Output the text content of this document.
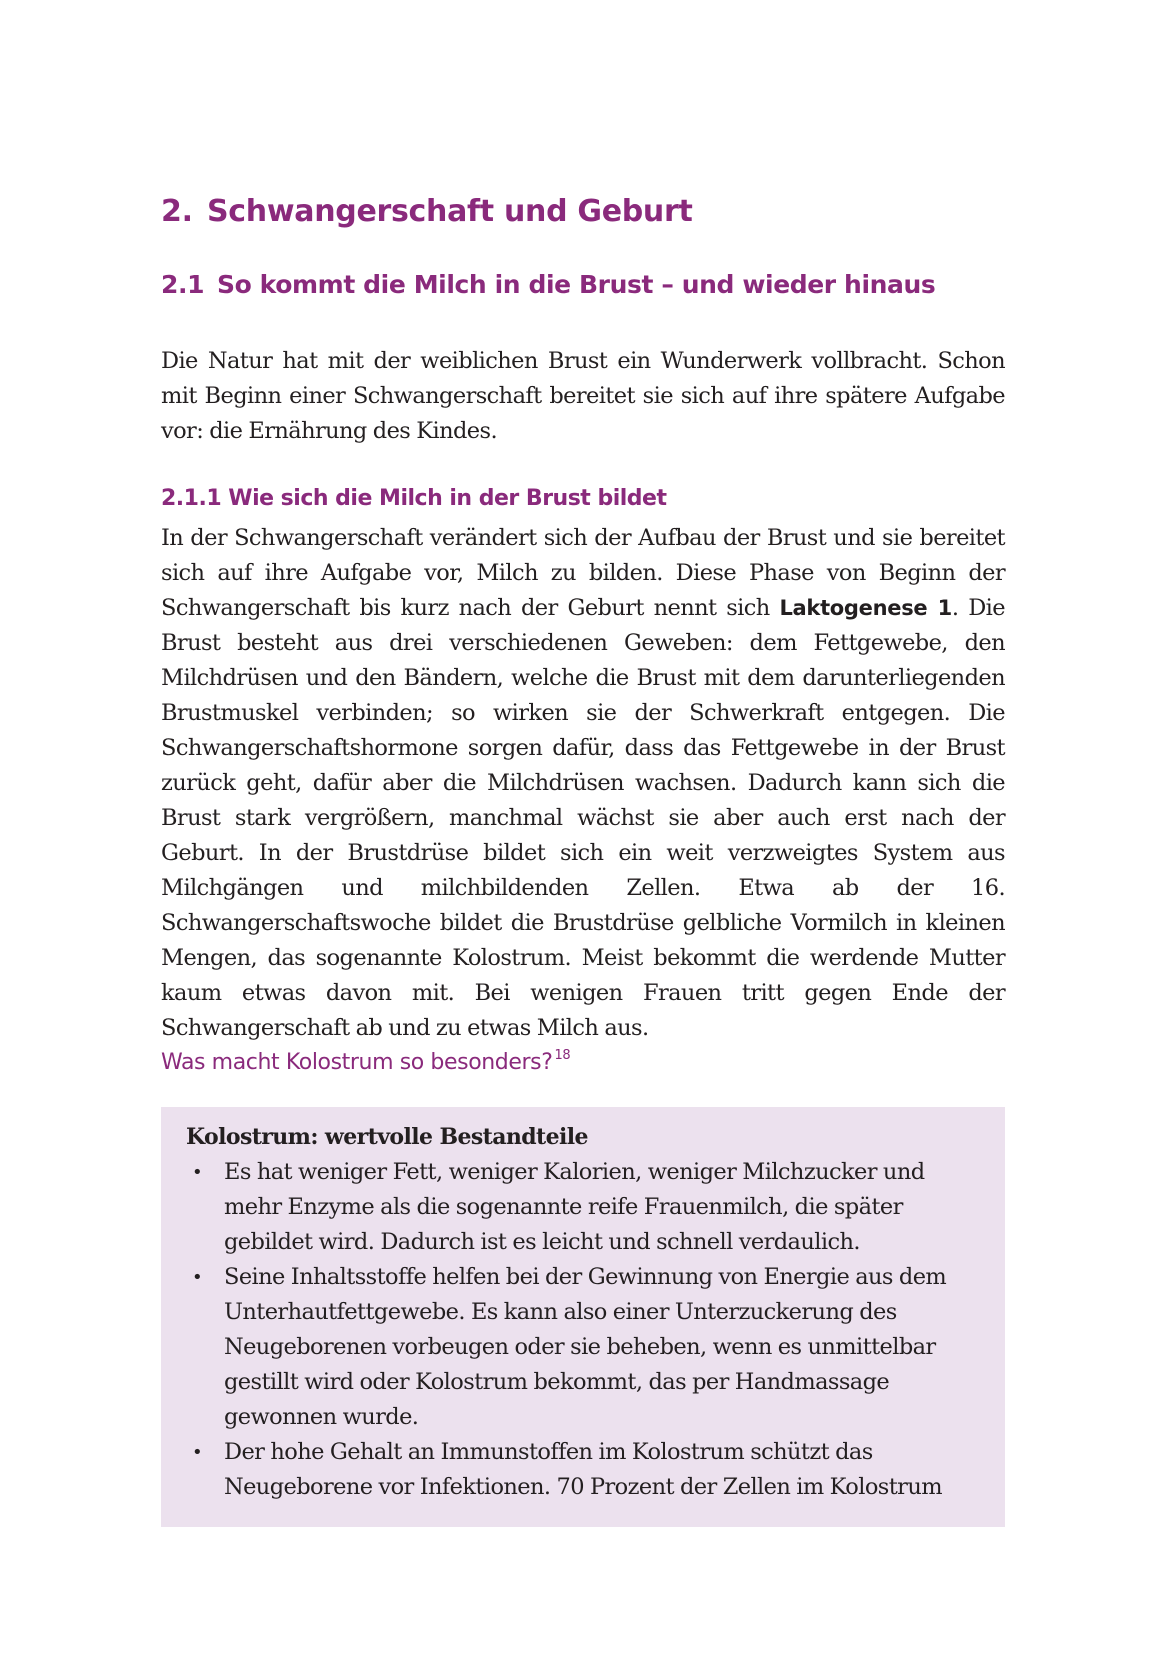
2. Schwangerschaft und Geburt
2.1 So kommt die Milch in die Brust – und wieder hinaus

Die Natur hat mit der weiblichen Brust ein Wunderwerk vollbracht. Schon mit Beginn einer Schwangerschaft bereitet sie sich auf ihre spätere Aufgabe vor: die Ernährung des Kindes.

2.1.1 Wie sich die Milch in der Brust bildet

In der Schwangerschaft verändert sich der Aufbau der Brust und sie bereitet sich auf ihre Aufgabe vor, Milch zu bilden. Diese Phase von Beginn der Schwangerschaft bis kurz nach der Geburt nennt sich Laktogenese 1. Die Brust besteht aus drei verschiedenen Geweben: dem Fettgewebe, den Milchdrüsen und den Bändern, welche die Brust mit dem darunterliegenden Brustmuskel verbinden; so wirken sie der Schwerkraft entgegen. Die Schwangerschaftshormone sorgen dafür, dass das Fettgewebe in der Brust zurück geht, dafür aber die Milchdrüsen wachsen. Dadurch kann sich die Brust stark vergrößern, manchmal wächst sie aber auch erst nach der Geburt. In der Brustdrüse bildet sich ein weit verzweigtes System aus Milchgängen und milchbildenden Zellen. Etwa ab der 16. Schwangerschaftswoche bildet die Brustdrüse gelbliche Vormilch in kleinen Mengen, das sogenannte Kolostrum. Meist bekommt die werdende Mutter kaum etwas davon mit. Bei wenigen Frauen tritt gegen Ende der Schwangerschaft ab und zu etwas Milch aus.

Was macht Kolostrum so besonders? $^{18}$

Kolostrum: wertvolle Bestandteile

• Es hat weniger Fett, weniger Kalorien, weniger Milchzucker und mehr Enzyme als die sogenannte reife Frauenmilch, die später gebildet wird. Dadurch ist es leicht und schnell verdaulich.
• Seine Inhaltsstoffe helfen bei der Gewinnung von Energie aus dem Unterhautfettgewebe. Es kann also einer Unterzuckerung des Neugeborenen vorbeugen oder sie beheben, wenn es unmittelbar gestillt wird oder Kolostrum bekommt, das per Handmassage gewonnen wurde.
• Der hohe Gehalt an Immunstoffen im Kolostrum schützt das Neugeborene vor Infektionen. 70 Prozent der Zellen im Kolostrum
